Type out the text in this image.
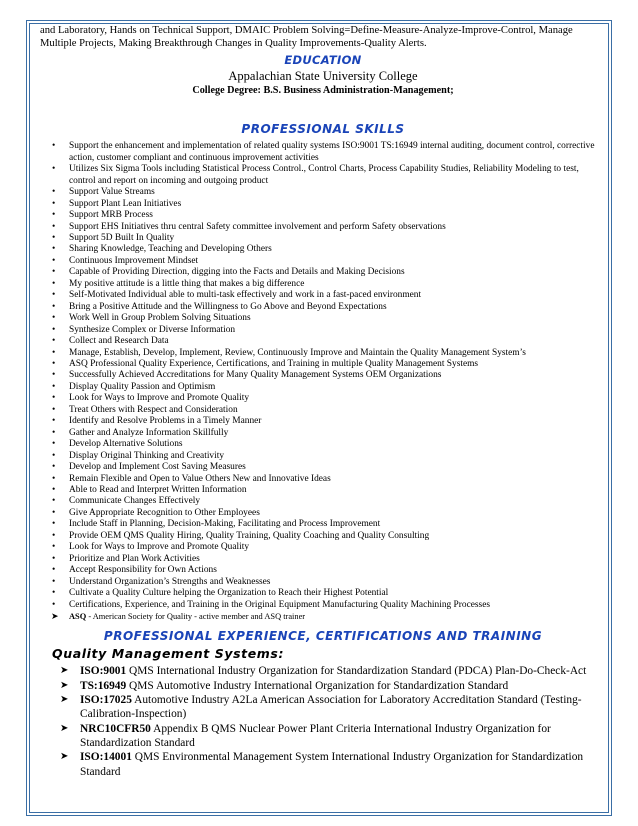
and Laboratory, Hands on Technical Support, DMAIC Problem Solving=Define-Measure-Analyze-Improve-Control, Manage Multiple Projects, Making Breakthrough Changes in Quality Improvements-Quality Alerts.

EDUCATION
Appalachian State University College
College Degree: B.S. Business Administration-Management;
PROFESSIONAL SKILLS
• Support the enhancement and implementation of related quality systems ISO:9001 TS:16949 internal auditing, document control, corrective action, customer compliant and continuous improvement activities
• Utilizes Six Sigma Tools including Statistical Process Control., Control Charts, Process Capability Studies, Reliability Modeling to test, control and report on incoming and outgoing product
• Support Value Streams
• Support Plant Lean Initiatives
• Support MRB Process
• Support EHS Initiatives thru central Safety committee involvement and perform Safety observations
• Support 5D Built In Quality
• Sharing Knowledge, Teaching and Developing Others
• Continuous Improvement Mindset
• Capable of Providing Direction, digging into the Facts and Details and Making Decisions
• My positive attitude is a little thing that makes a big difference
• Self-Motivated Individual able to multi-task effectively and work in a fast-paced environment
• Bring a Positive Attitude and the Willingness to Go Above and Beyond Expectations
• Work Well in Group Problem Solving Situations
• Synthesize Complex or Diverse Information
• Collect and Research Data
• Manage, Establish, Develop, Implement, Review, Continuously Improve and Maintain the Quality Management System’s
• ASQ Professional Quality Experience, Certifications, and Training in multiple Quality Management Systems
• Successfully Achieved Accreditations for Many Quality Management Systems OEM Organizations
• Display Quality Passion and Optimism
• Look for Ways to Improve and Promote Quality
• Treat Others with Respect and Consideration
• Identify and Resolve Problems in a Timely Manner
• Gather and Analyze Information Skillfully
• Develop Alternative Solutions
• Display Original Thinking and Creativity
• Develop and Implement Cost Saving Measures
• Remain Flexible and Open to Value Others New and Innovative Ideas
• Able to Read and Interpret Written Information
• Communicate Changes Effectively
• Give Appropriate Recognition to Other Employees
• Include Staff in Planning, Decision-Making, Facilitating and Process Improvement
• Provide OEM QMS Quality Hiring, Quality Training, Quality Coaching and Quality Consulting
• Look for Ways to Improve and Promote Quality
• Prioritize and Plan Work Activities
• Accept Responsibility for Own Actions
• Understand Organization’s Strengths and Weaknesses
• Cultivate a Quality Culture helping the Organization to Reach their Highest Potential
• Certifications, Experience, and Training in the Original Equipment Manufacturing Quality Machining Processes
➤ ASQ - American Society for Quality - active member and ASQ trainer
PROFESSIONAL EXPERIENCE, CERTIFICATIONS AND TRAINING
Quality Management Systems:
➤ ISO:9001 QMS International Industry Organization for Standardization Standard (PDCA) Plan-Do-Check-Act
➤ TS:16949 QMS Automotive Industry International Organization for Standardization Standard
➤ ISO:17025 Automotive Industry A2La American Association for Laboratory Accreditation Standard (Testing-Calibration-Inspection)
➤ NRC10CFR50 Appendix B QMS Nuclear Power Plant Criteria International Industry Organization for Standardization Standard
➤ ISO:14001 QMS Environmental Management System International Industry Organization for Standardization Standard
